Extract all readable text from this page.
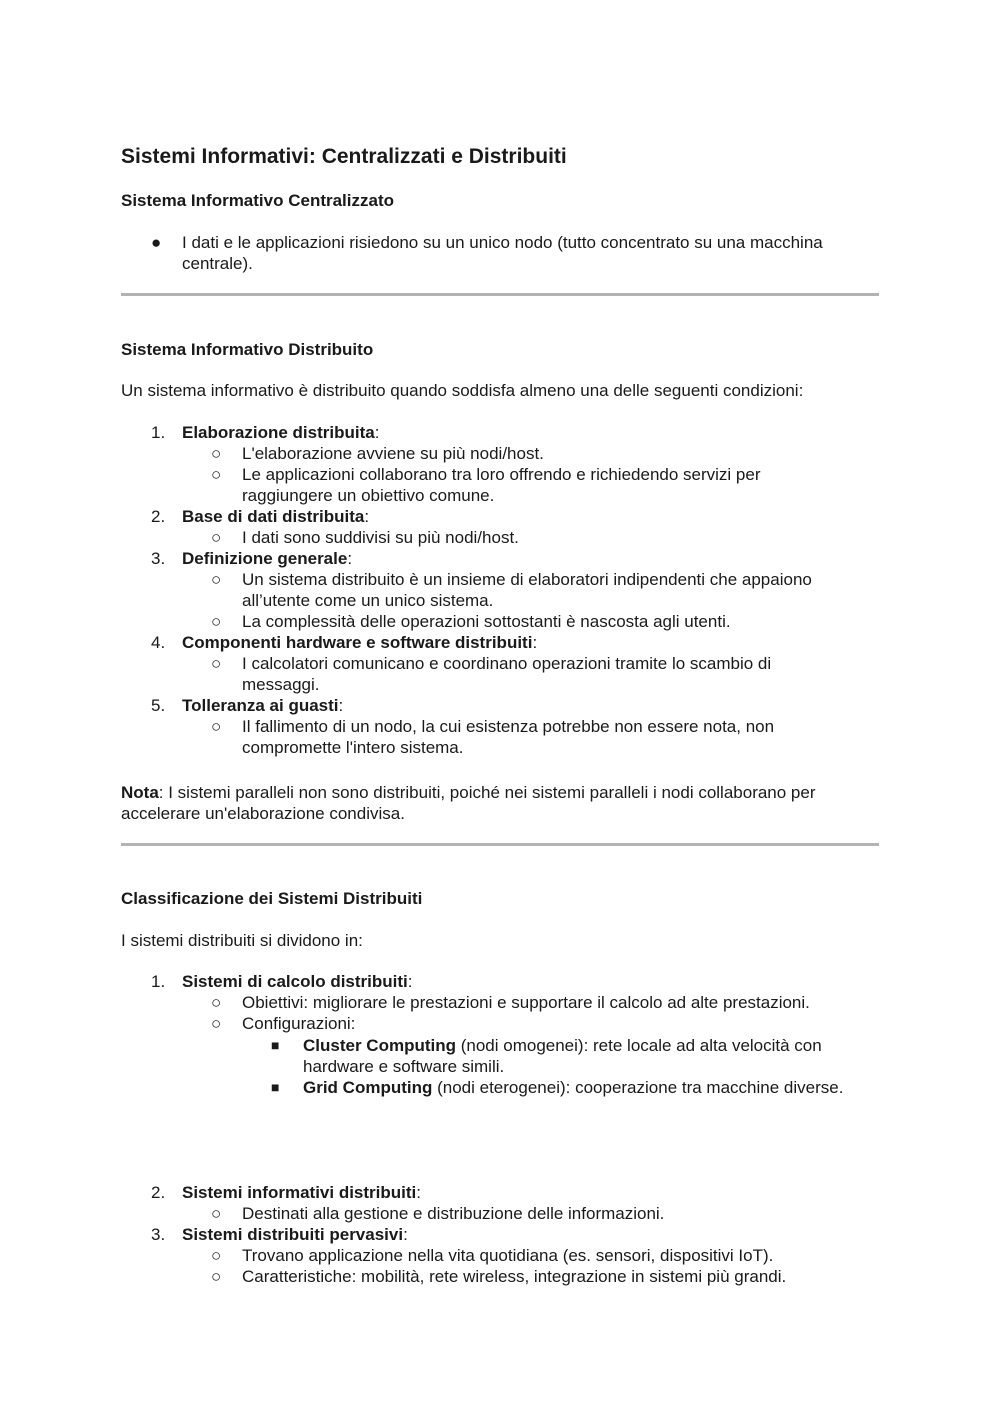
Sistemi Informativi: Centralizzati e Distribuiti
Sistema Informativo Centralizzato
● I dati e le applicazioni risiedono su un unico nodo (tutto concentrato su una macchina centrale).
Sistema Informativo Distribuito

Un sistema informativo è distribuito quando soddisfa almeno una delle seguenti condizioni:

1. Elaborazione distribuita:
○ L'elaborazione avviene su più nodi/host.
○ Le applicazioni collaborano tra loro offrendo e richiedendo servizi per raggiungere un obiettivo comune.
2. Base di dati distribuita:
○ I dati sono suddivisi su più nodi/host.
3. Definizione generale:
○ Un sistema distribuito è un insieme di elaboratori indipendenti che appaiono all’utente come un unico sistema.
○ La complessità delle operazioni sottostanti è nascosta agli utenti.
4. Componenti hardware e software distribuiti:
○ I calcolatori comunicano e coordinano operazioni tramite lo scambio di messaggi.
5. Tolleranza ai guasti:
○ Il fallimento di un nodo, la cui esistenza potrebbe non essere nota, non compromette l'intero sistema.

Nota: I sistemi paralleli non sono distribuiti, poiché nei sistemi paralleli i nodi collaborano per accelerare un'elaborazione condivisa.

Classificazione dei Sistemi Distribuiti

I sistemi distribuiti si dividono in:

1. Sistemi di calcolo distribuiti:
○ Obiettivi: migliorare le prestazioni e supportare il calcolo ad alte prestazioni.
○ Configurazioni:
■ Cluster Computing (nodi omogenei): rete locale ad alta velocità con hardware e software simili.
■ Grid Computing (nodi eterogenei): cooperazione tra macchine diverse.
2. Sistemi informativi distribuiti:
○ Destinati alla gestione e distribuzione delle informazioni.
3. Sistemi distribuiti pervasivi:
○ Trovano applicazione nella vita quotidiana (es. sensori, dispositivi IoT).
○ Caratteristiche: mobilità, rete wireless, integrazione in sistemi più grandi.
